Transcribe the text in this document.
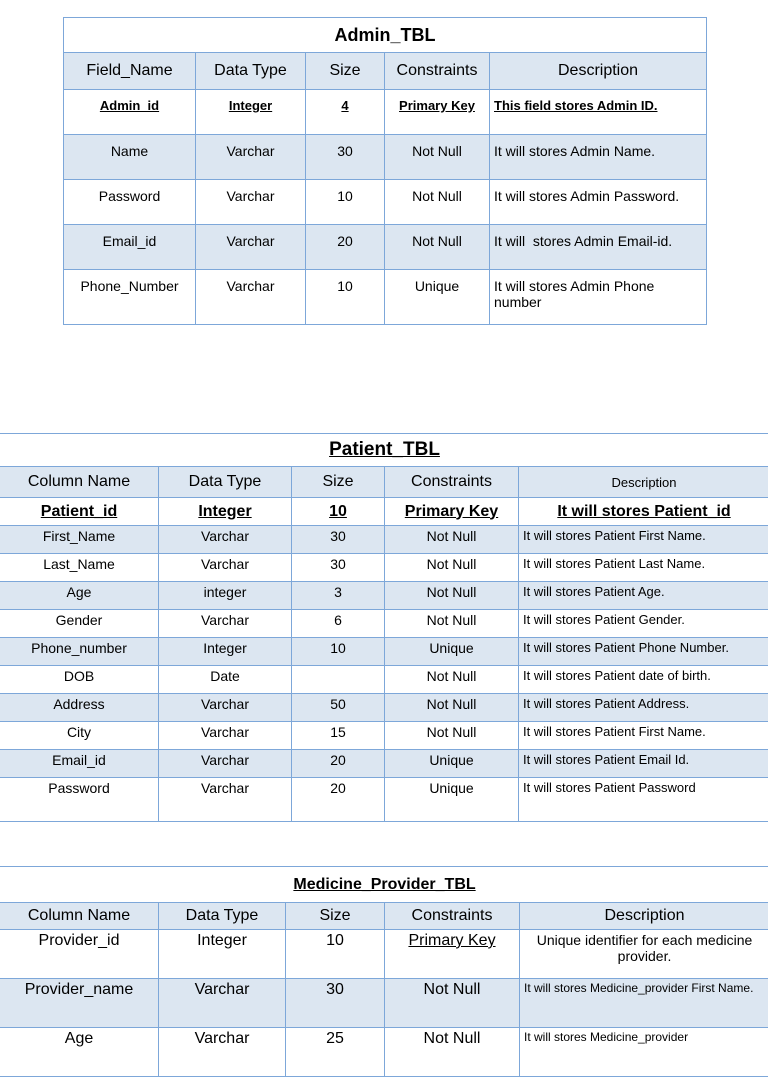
Admin_TBL				
Field_Name	Data Type	Size	Constraints	Description
Admin_id	Integer	4	Primary Key	This field stores Admin ID.
Name	Varchar	30	Not Null	It will stores Admin Name.
Password	Varchar	10	Not Null	It will stores Admin Password.
Email_id	Varchar	20	Not Null	It will  stores Admin Email-id.
Phone_Number	Varchar	10	Unique	It will stores Admin Phone number
Patient_TBL				
Column Name	Data Type	Size	Constraints	Description
Patient_id	Integer	10	Primary Key	It will stores Patient_id
First_Name	Varchar	30	Not Null	It will stores Patient First Name.
Last_Name	Varchar	30	Not Null	It will stores Patient Last Name.
Age	integer	3	Not Null	It will stores Patient Age.
Gender	Varchar	6	Not Null	It will stores Patient Gender.
Phone_number	Integer	10	Unique	It will stores Patient Phone Number.
DOB	Date		Not Null	It will stores Patient date of birth.
Address	Varchar	50	Not Null	It will stores Patient Address.
City	Varchar	15	Not Null	It will stores Patient First Name.
Email_id	Varchar	20	Unique	It will stores Patient Email Id.
Password	Varchar	20	Unique	It will stores Patient Password
Medicine_Provider_TBL				
Column Name	Data Type	Size	Constraints	Description
Provider_id	Integer	10	Primary Key	Unique identifier for each medicine provider.
Provider_name	Varchar	30	Not Null	It will stores Medicine_provider First Name.
Age	Varchar	25	Not Null	It will stores Medicine_provider
